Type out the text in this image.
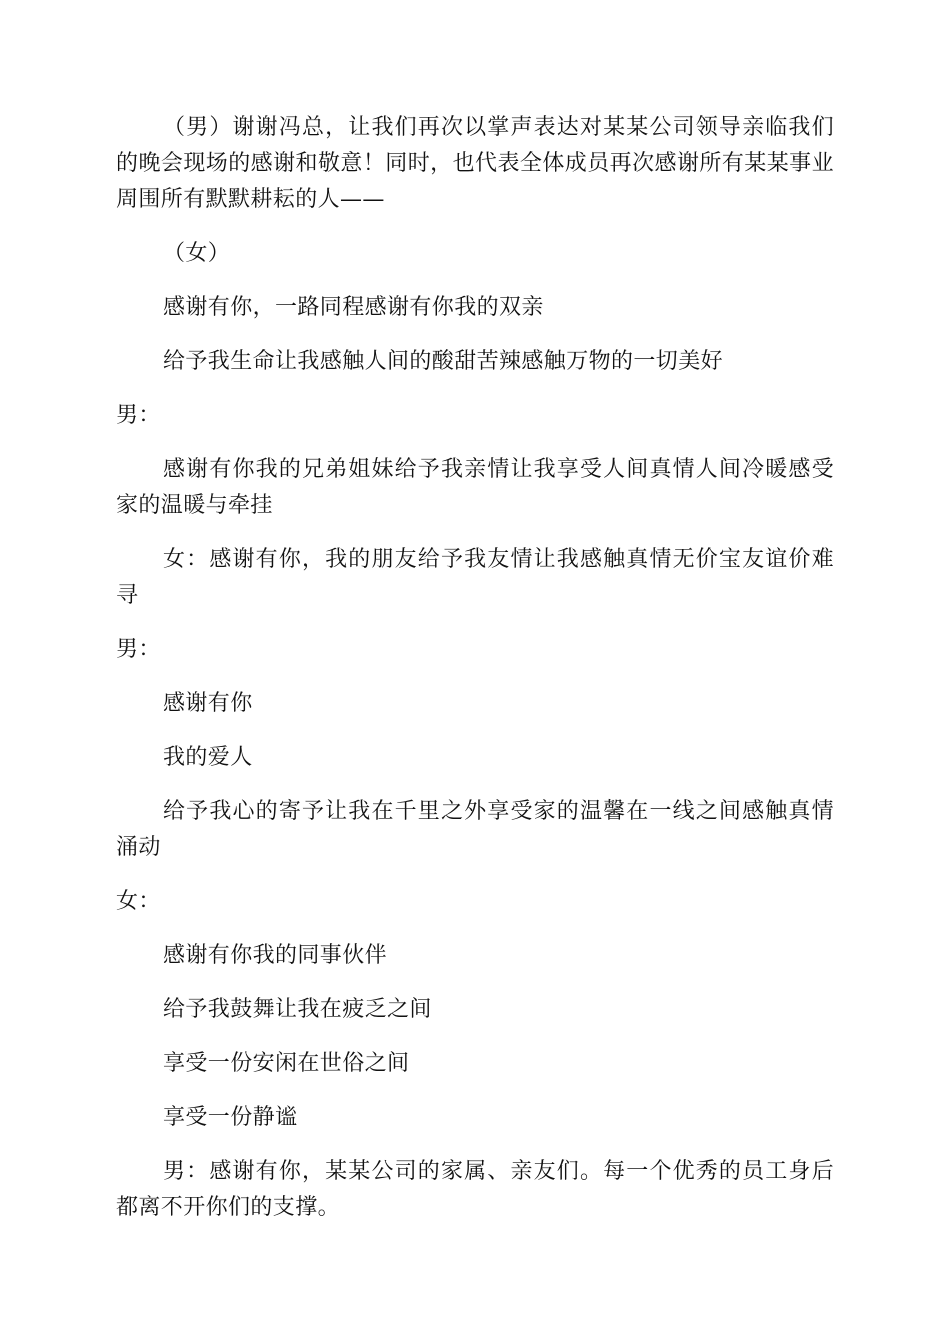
（男）谢谢冯总，让我们再次以掌声表达对某某公司领导亲临我们的晚会现场的感谢和敬意！同时，也代表全体成员再次感谢所有某某事业周围所有默默耕耘的人——

（女）

感谢有你，一路同程感谢有你我的双亲

给予我生命让我感触人间的酸甜苦辣感触万物的一切美好

男：

感谢有你我的兄弟姐妹给予我亲情让我享受人间真情人间冷暖感受家的温暖与牵挂

女：感谢有你，我的朋友给予我友情让我感触真情无价宝友谊价难寻

男：

感谢有你

我的爱人

给予我心的寄予让我在千里之外享受家的温馨在一线之间感触真情涌动

女：

感谢有你我的同事伙伴

给予我鼓舞让我在疲乏之间

享受一份安闲在世俗之间

享受一份静谧

男：感谢有你，某某公司的家属、亲友们。每一个优秀的员工身后都离不开你们的支撑。
